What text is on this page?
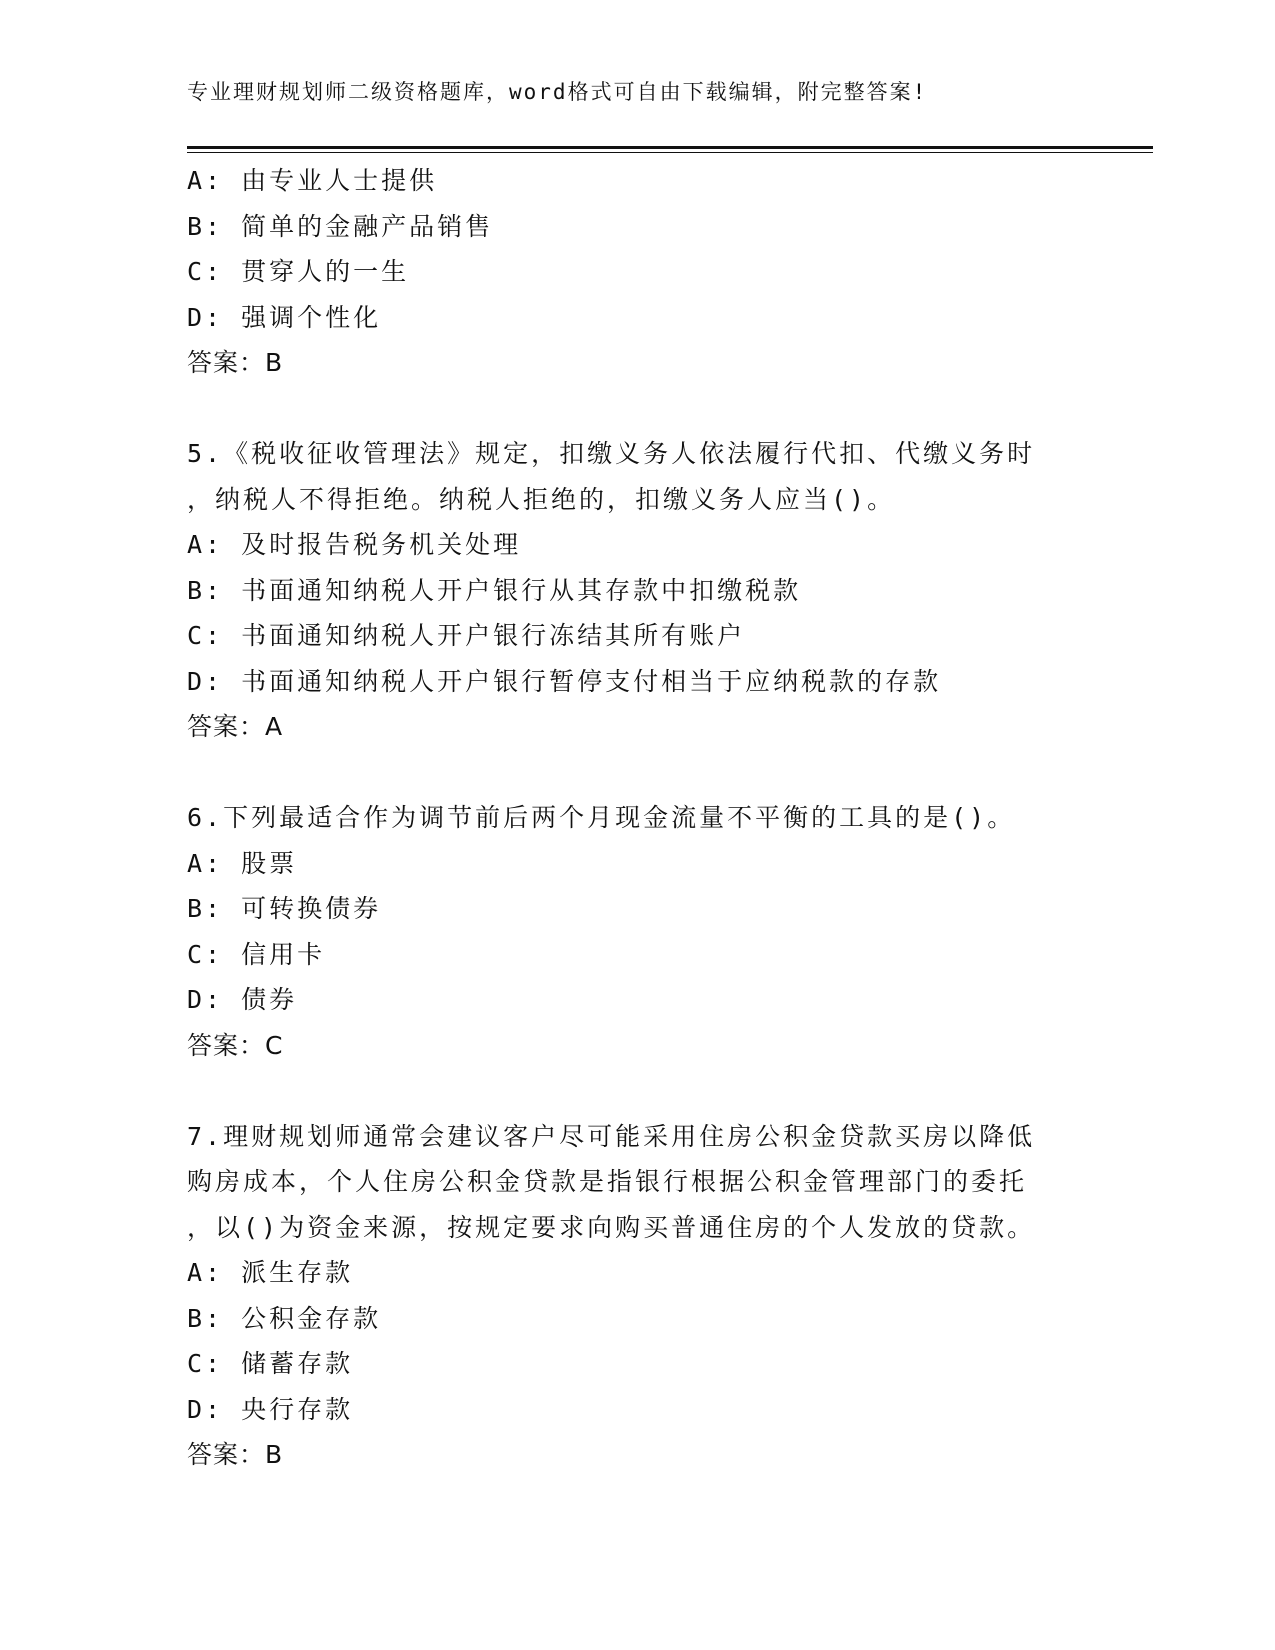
专业理财规划师二级资格题库，word格式可自由下载编辑，附完整答案!
A: 由专业人士提供
B: 简单的金融产品销售
C: 贯穿人的一生
D: 强调个性化
答案：B
5.《税收征收管理法》规定，扣缴义务人依法履行代扣、代缴义务时
，纳税人不得拒绝。纳税人拒绝的，扣缴义务人应当()。
A: 及时报告税务机关处理
B: 书面通知纳税人开户银行从其存款中扣缴税款
C: 书面通知纳税人开户银行冻结其所有账户
D: 书面通知纳税人开户银行暂停支付相当于应纳税款的存款
答案：A
6.下列最适合作为调节前后两个月现金流量不平衡的工具的是()。
A: 股票
B: 可转换债券
C: 信用卡
D: 债券
答案：C
7.理财规划师通常会建议客户尽可能采用住房公积金贷款买房以降低
购房成本，个人住房公积金贷款是指银行根据公积金管理部门的委托
，以()为资金来源，按规定要求向购买普通住房的个人发放的贷款。
A: 派生存款
B: 公积金存款
C: 储蓄存款
D: 央行存款
答案：B
